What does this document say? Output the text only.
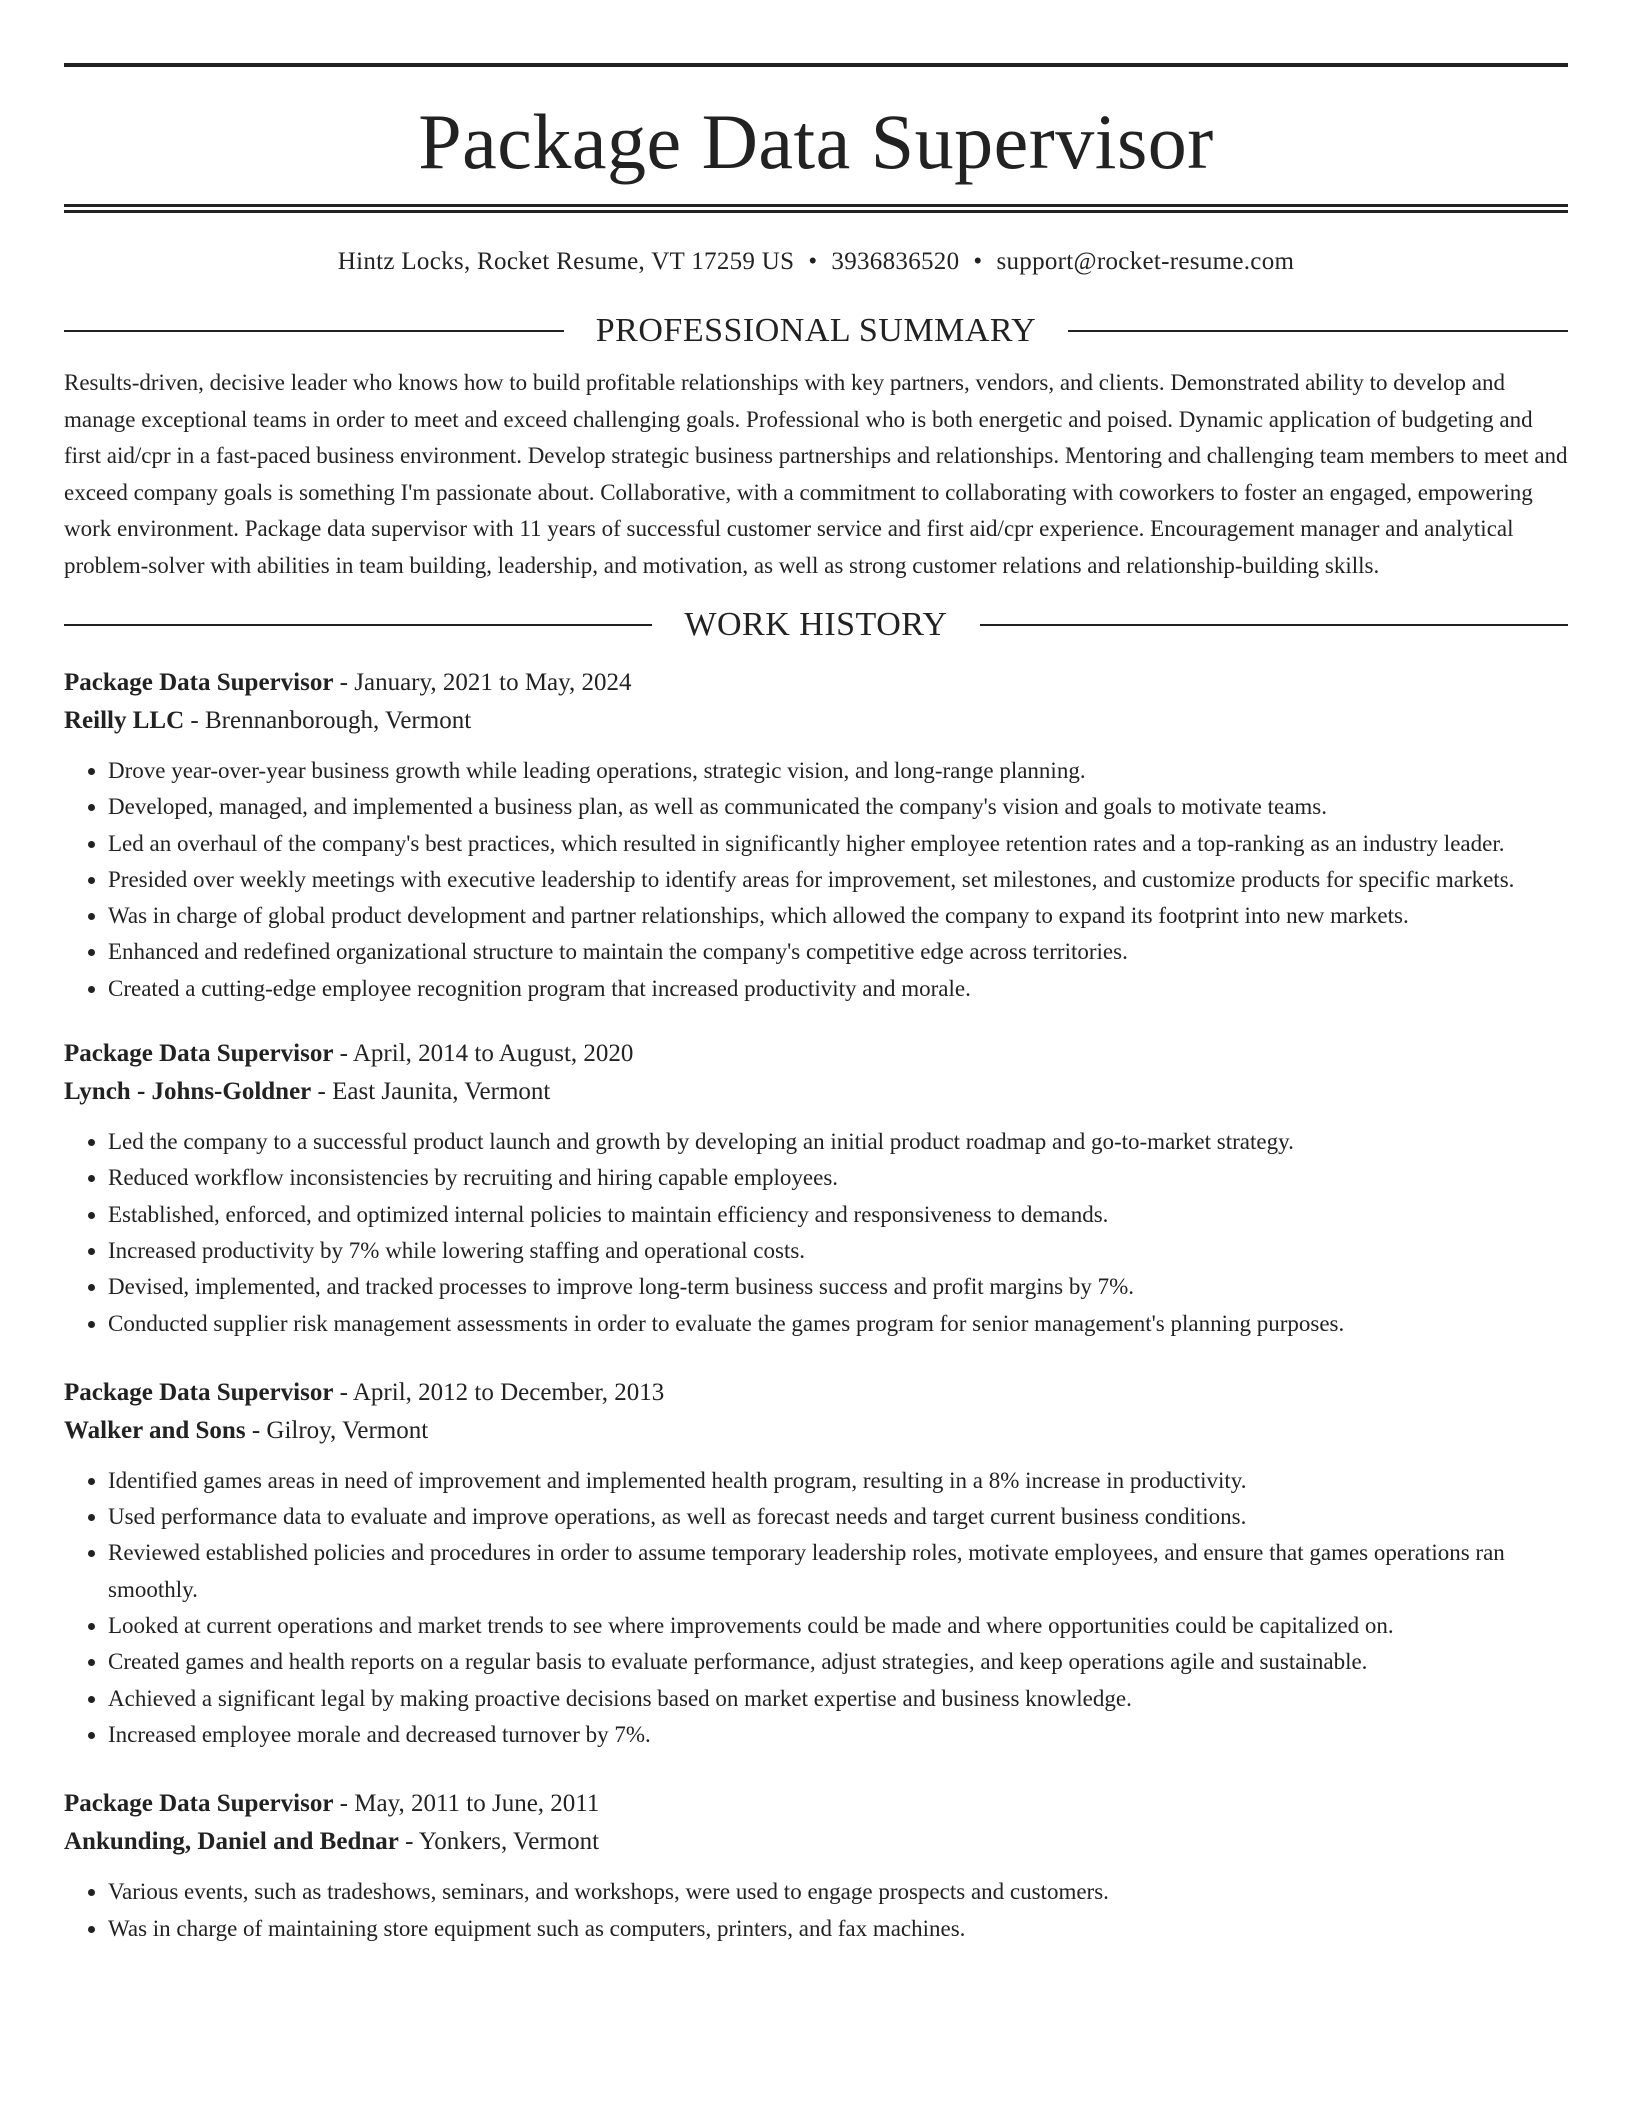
Package Data Supervisor
Hintz Locks, Rocket Resume, VT 17259 US • 3936836520 • support@rocket-resume.com
PROFESSIONAL SUMMARY

Results-driven, decisive leader who knows how to build profitable relationships with key partners, vendors, and clients. Demonstrated ability to develop and manage exceptional teams in order to meet and exceed challenging goals. Professional who is both energetic and poised. Dynamic application of budgeting and first aid/cpr in a fast-paced business environment. Develop strategic business partnerships and relationships. Mentoring and challenging team members to meet and exceed company goals is something I'm passionate about. Collaborative, with a commitment to collaborating with coworkers to foster an engaged, empowering work environment. Package data supervisor with 11 years of successful customer service and first aid/cpr experience. Encouragement manager and analytical problem-solver with abilities in team building, leadership, and motivation, as well as strong customer relations and relationship-building skills.

WORK HISTORY
Package Data Supervisor - January, 2021 to May, 2024
Reilly LLC - Brennanborough, Vermont
• Drove year-over-year business growth while leading operations, strategic vision, and long-range planning.
• Developed, managed, and implemented a business plan, as well as communicated the company's vision and goals to motivate teams.
• Led an overhaul of the company's best practices, which resulted in significantly higher employee retention rates and a top-ranking as an industry leader.
• Presided over weekly meetings with executive leadership to identify areas for improvement, set milestones, and customize products for specific markets.
• Was in charge of global product development and partner relationships, which allowed the company to expand its footprint into new markets.
• Enhanced and redefined organizational structure to maintain the company's competitive edge across territories.
• Created a cutting-edge employee recognition program that increased productivity and morale.
Package Data Supervisor - April, 2014 to August, 2020
Lynch - Johns-Goldner - East Jaunita, Vermont
• Led the company to a successful product launch and growth by developing an initial product roadmap and go-to-market strategy.
• Reduced workflow inconsistencies by recruiting and hiring capable employees.
• Established, enforced, and optimized internal policies to maintain efficiency and responsiveness to demands.
• Increased productivity by 7% while lowering staffing and operational costs.
• Devised, implemented, and tracked processes to improve long-term business success and profit margins by 7%.
• Conducted supplier risk management assessments in order to evaluate the games program for senior management's planning purposes.
Package Data Supervisor - April, 2012 to December, 2013
Walker and Sons - Gilroy, Vermont
• Identified games areas in need of improvement and implemented health program, resulting in a 8% increase in productivity.
• Used performance data to evaluate and improve operations, as well as forecast needs and target current business conditions.
• Reviewed established policies and procedures in order to assume temporary leadership roles, motivate employees, and ensure that games operations ran smoothly.
• Looked at current operations and market trends to see where improvements could be made and where opportunities could be capitalized on.
• Created games and health reports on a regular basis to evaluate performance, adjust strategies, and keep operations agile and sustainable.
• Achieved a significant legal by making proactive decisions based on market expertise and business knowledge.
• Increased employee morale and decreased turnover by 7%.
Package Data Supervisor - May, 2011 to June, 2011
Ankunding, Daniel and Bednar - Yonkers, Vermont
• Various events, such as tradeshows, seminars, and workshops, were used to engage prospects and customers.
• Was in charge of maintaining store equipment such as computers, printers, and fax machines.
